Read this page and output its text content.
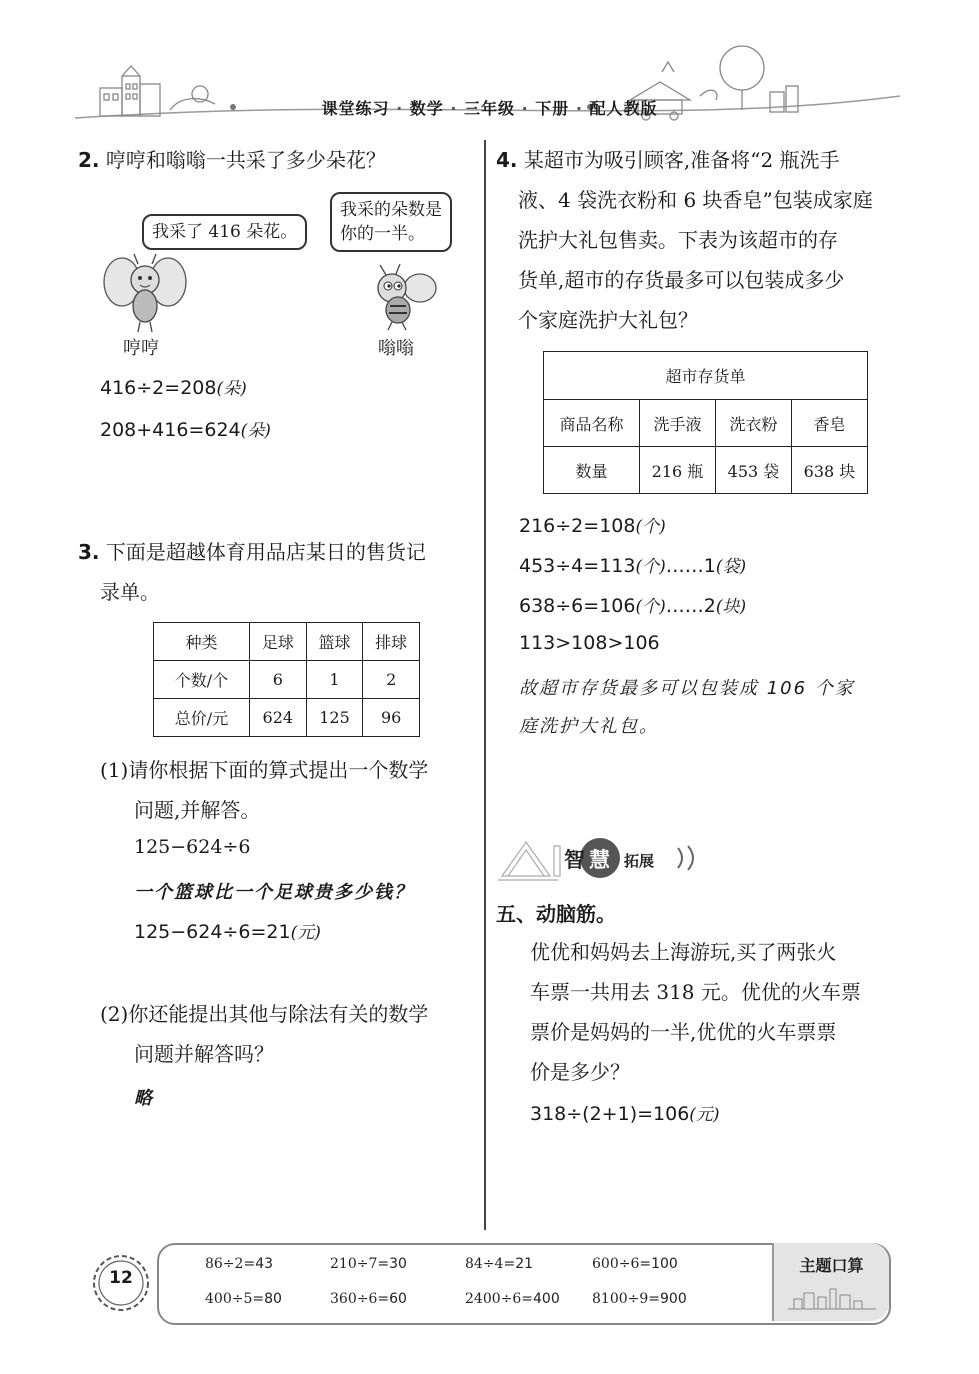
课堂练习 · 数学 · 三年级 · 下册 · 配人教版
2. 哼哼和嗡嗡一共采了多少朵花？
我采了 416 朵花。
我采的朵数是
你的一半。
哼哼	嗡嗡
416÷2=208(朵)
208+416=624(朵)
3. 下面是超越体育用品店某日的售货记
录单。
种类	足球	篮球	排球
个数/个	6	1	2
总价/元	624	125	96
(1)请你根据下面的算式提出一个数学
问题,并解答。
125−624÷6
一个篮球比一个足球贵多少钱？
125−624÷6=21(元)
(2)你还能提出其他与除法有关的数学
问题并解答吗？
略
4. 某超市为吸引顾客,准备将“2 瓶洗手
液、4 袋洗衣粉和 6 块香皂”包装成家庭
洗护大礼包售卖。下表为该超市的存
货单,超市的存货最多可以包装成多少
个家庭洗护大礼包？
超市存货单			
商品名称	洗手液	洗衣粉	香皂
数量	216 瓶	453 袋	638 块
216÷2=108(个)
453÷4=113(个)……1(袋)
638÷6=106(个)……2(块)
113>108>106
故超市存货最多可以包装成 106 个家
庭洗护大礼包。
智 慧 拓展
五、动脑筋。
优优和妈妈去上海游玩,买了两张火
车票一共用去 318 元。优优的火车票
票价是妈妈的一半,优优的火车票票
价是多少？
318÷(2+1)=106(元)
12
主题口算
86÷2=43	210÷7=30	84÷4=21	600÷6=100
400÷5=80	360÷6=60	2400÷6=400 8100÷9=900
